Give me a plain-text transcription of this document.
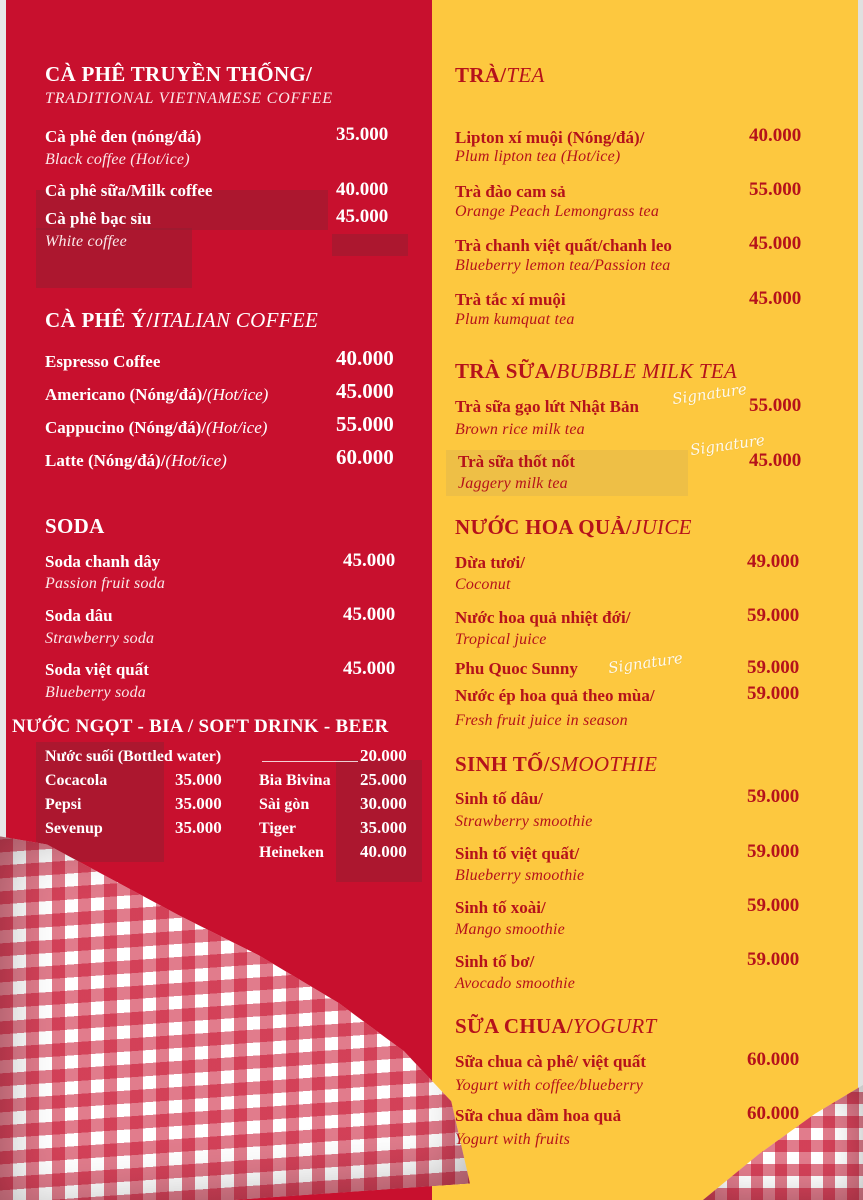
CÀ PHÊ TRUYỀN THỐNG/
TRADITIONAL VIETNAMESE COFFEE
Cà phê đen (nóng/đá)	35.000
Black coffee (Hot/ice)
Cà phê sữa/Milk coffee	40.000
Cà phê bạc sỉu	45.000
White coffee
CÀ PHÊ Ý/ITALIAN COFFEE
Espresso Coffee	40.000
Americano (Nóng/đá)/(Hot/ice)	45.000
Cappucino (Nóng/đá)/(Hot/ice)	55.000
Latte (Nóng/đá)/(Hot/ice)	60.000
SODA
Soda chanh dây	45.000
Passion fruit soda
Soda dâu	45.000
Strawberry soda
Soda việt quất	45.000
Blueberry soda
NƯỚC NGỌT - BIA / SOFT DRINK - BEER
Nước suối (Bottled water)	20.000
Cocacola	35.000
Pepsi	35.000
Sevenup	35.000
Bia Bivina 25.000
Sài gòn	30.000
Tiger	35.000
Heineken 40.000
TRÀ/TEA
Lipton xí muội (Nóng/đá)/	40.000
Plum lipton tea (Hot/ice)
Trà đào cam sả	55.000
Orange Peach Lemongrass tea
Trà chanh việt quất/chanh leo	45.000
Blueberry lemon tea/Passion tea
Trà tắc xí muội	45.000
Plum kumquat tea
TRÀ SỮA/BUBBLE MILK TEA
Trà sữa gạo lứt Nhật Bản	55.000
Brown rice milk tea
Signature
Trà sữa thốt nốt	45.000
Jaggery milk tea
Signature
NƯỚC HOA QUẢ/JUICE
Dừa tươi/	49.000
Coconut
Nước hoa quả nhiệt đới/	59.000
Tropical juice
Phu Quoc Sunny Signature	59.000
Nước ép hoa quả theo mùa/	59.000
Fresh fruit juice in season
SINH TỐ/SMOOTHIE
Sinh tố dâu/	59.000
Strawberry smoothie
Sinh tố việt quất/	59.000
Blueberry smoothie
Sinh tố xoài/	59.000
Mango smoothie
Sinh tố bơ/	59.000
Avocado smoothie
SỮA CHUA/YOGURT
Sữa chua cà phê/ việt quất	60.000
Yogurt with coffee/blueberry
Sữa chua dầm hoa quả	60.000
Yogurt with fruits
